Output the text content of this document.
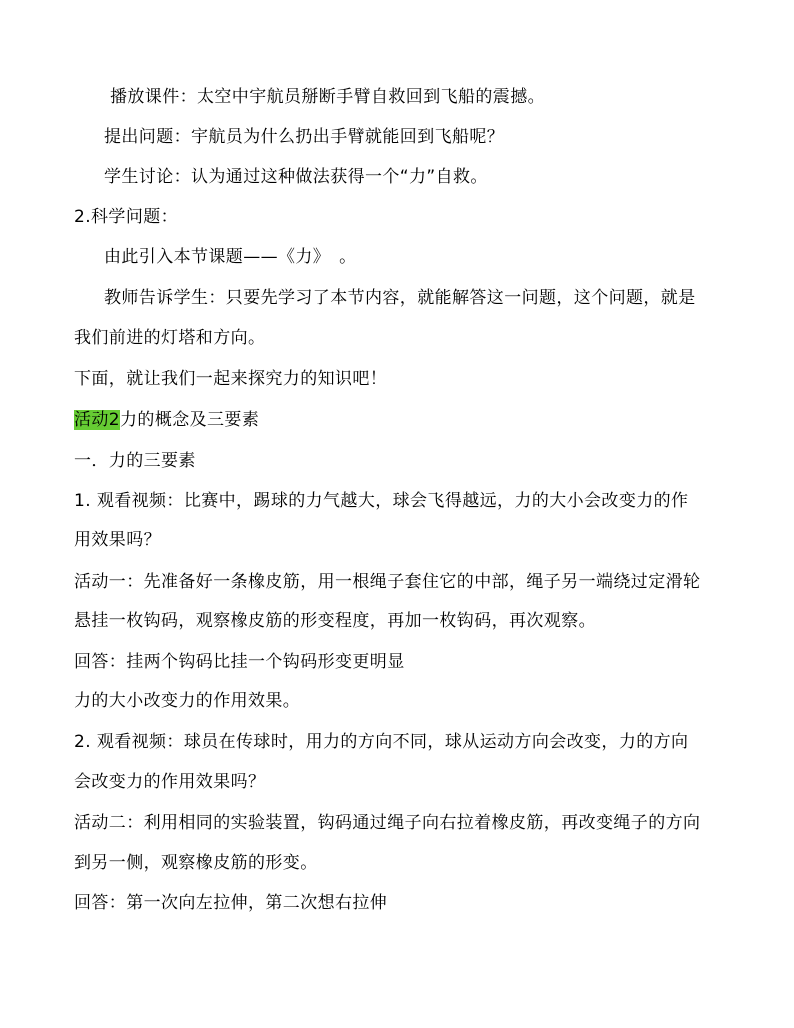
播放课件：太空中宇航员掰断手臂自救回到飞船的震撼。
提出问题：宇航员为什么扔出手臂就能回到飞船呢？
学生讨论：认为通过这种做法获得一个“力”自救。
2.科学问题：
由此引入本节课题——《力》　。
教师告诉学生：只要先学习了本节内容，就能解答这一问题，这个问题，就是
我们前进的灯塔和方向。
下面，就让我们一起来探究力的知识吧！
活动2力的概念及三要素
一．力的三要素
1. 观看视频：比赛中，踢球的力气越大，球会飞得越远，力的大小会改变力的作
用效果吗？
活动一：先准备好一条橡皮筋，用一根绳子套住它的中部，绳子另一端绕过定滑轮
悬挂一枚钩码，观察橡皮筋的形变程度，再加一枚钩码，再次观察。
回答：挂两个钩码比挂一个钩码形变更明显
力的大小改变力的作用效果。
2. 观看视频：球员在传球时，用力的方向不同，球从运动方向会改变，力的方向
会改变力的作用效果吗？
活动二：利用相同的实验装置，钩码通过绳子向右拉着橡皮筋，再改变绳子的方向
到另一侧，观察橡皮筋的形变。
回答：第一次向左拉伸，第二次想右拉伸
